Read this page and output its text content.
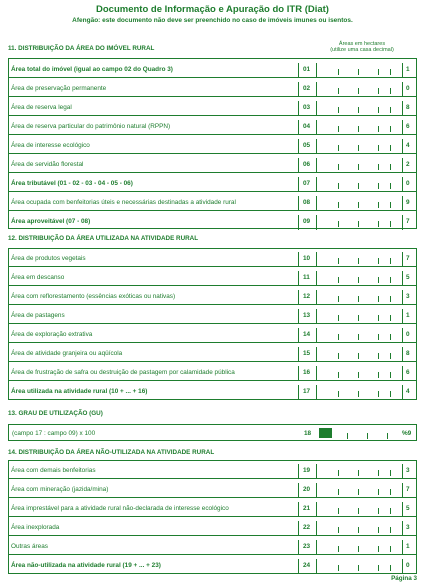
Documento de Informação e Apuração do ITR (Diat)
Afengão: este documento não deve ser preenchido no caso de imóveis imunes ou isentos.
11. DISTRIBUIÇÃO DA ÁREA DO IMÓVEL RURAL
Áreas em hectares
(utilize uma casa decimal)
Área total do imóvel (igual ao campo 02 do Quadro 3)	01	1
Área de preservação permanente	02	0
Área de reserva legal	03	8
Área de reserva particular do patrimônio natural (RPPN)	04	6
Área de interesse ecológico	05	4
Área de servidão florestal	06	2
Área tributável (01 - 02 - 03 - 04 - 05 - 06)	07	0
Área ocupada com benfeitorias úteis e necessárias destinadas a atividade rural	08	9
Área aproveitável (07 - 08)	09	7
12. DISTRIBUIÇÃO DA ÁREA UTILIZADA NA ATIVIDADE RURAL
Área de produtos vegetais	10	7
Área em descanso	11	5
Área com reflorestamento (essências exóticas ou nativas)	12	3
Área de pastagens	13	1
Área de exploração extrativa	14	0
Área de atividade granjeira ou aqüícola	15	8
Área de frustração de safra ou destruição de pastagem por calamidade pública	16	6
Área utilizada na atividade rural (10 + ... + 16)	17	4
13. GRAU DE UTILIZAÇÃO (GU)
(campo 17 : campo 09) x 100	18	%9
14. DISTRIBUIÇÃO DA ÁREA NÃO-UTILIZADA NA ATIVIDADE RURAL
Área com demais benfeitorias	19	3
Área com mineração (jazida/mina)	20	7
Área imprestável para a atividade rural não-declarada de interesse ecológico	21	5
Área inexplorada	22	3
Outras áreas	23	1
Área não-utilizada na atividade rural (19 + ... + 23)	24	0
Página 3
